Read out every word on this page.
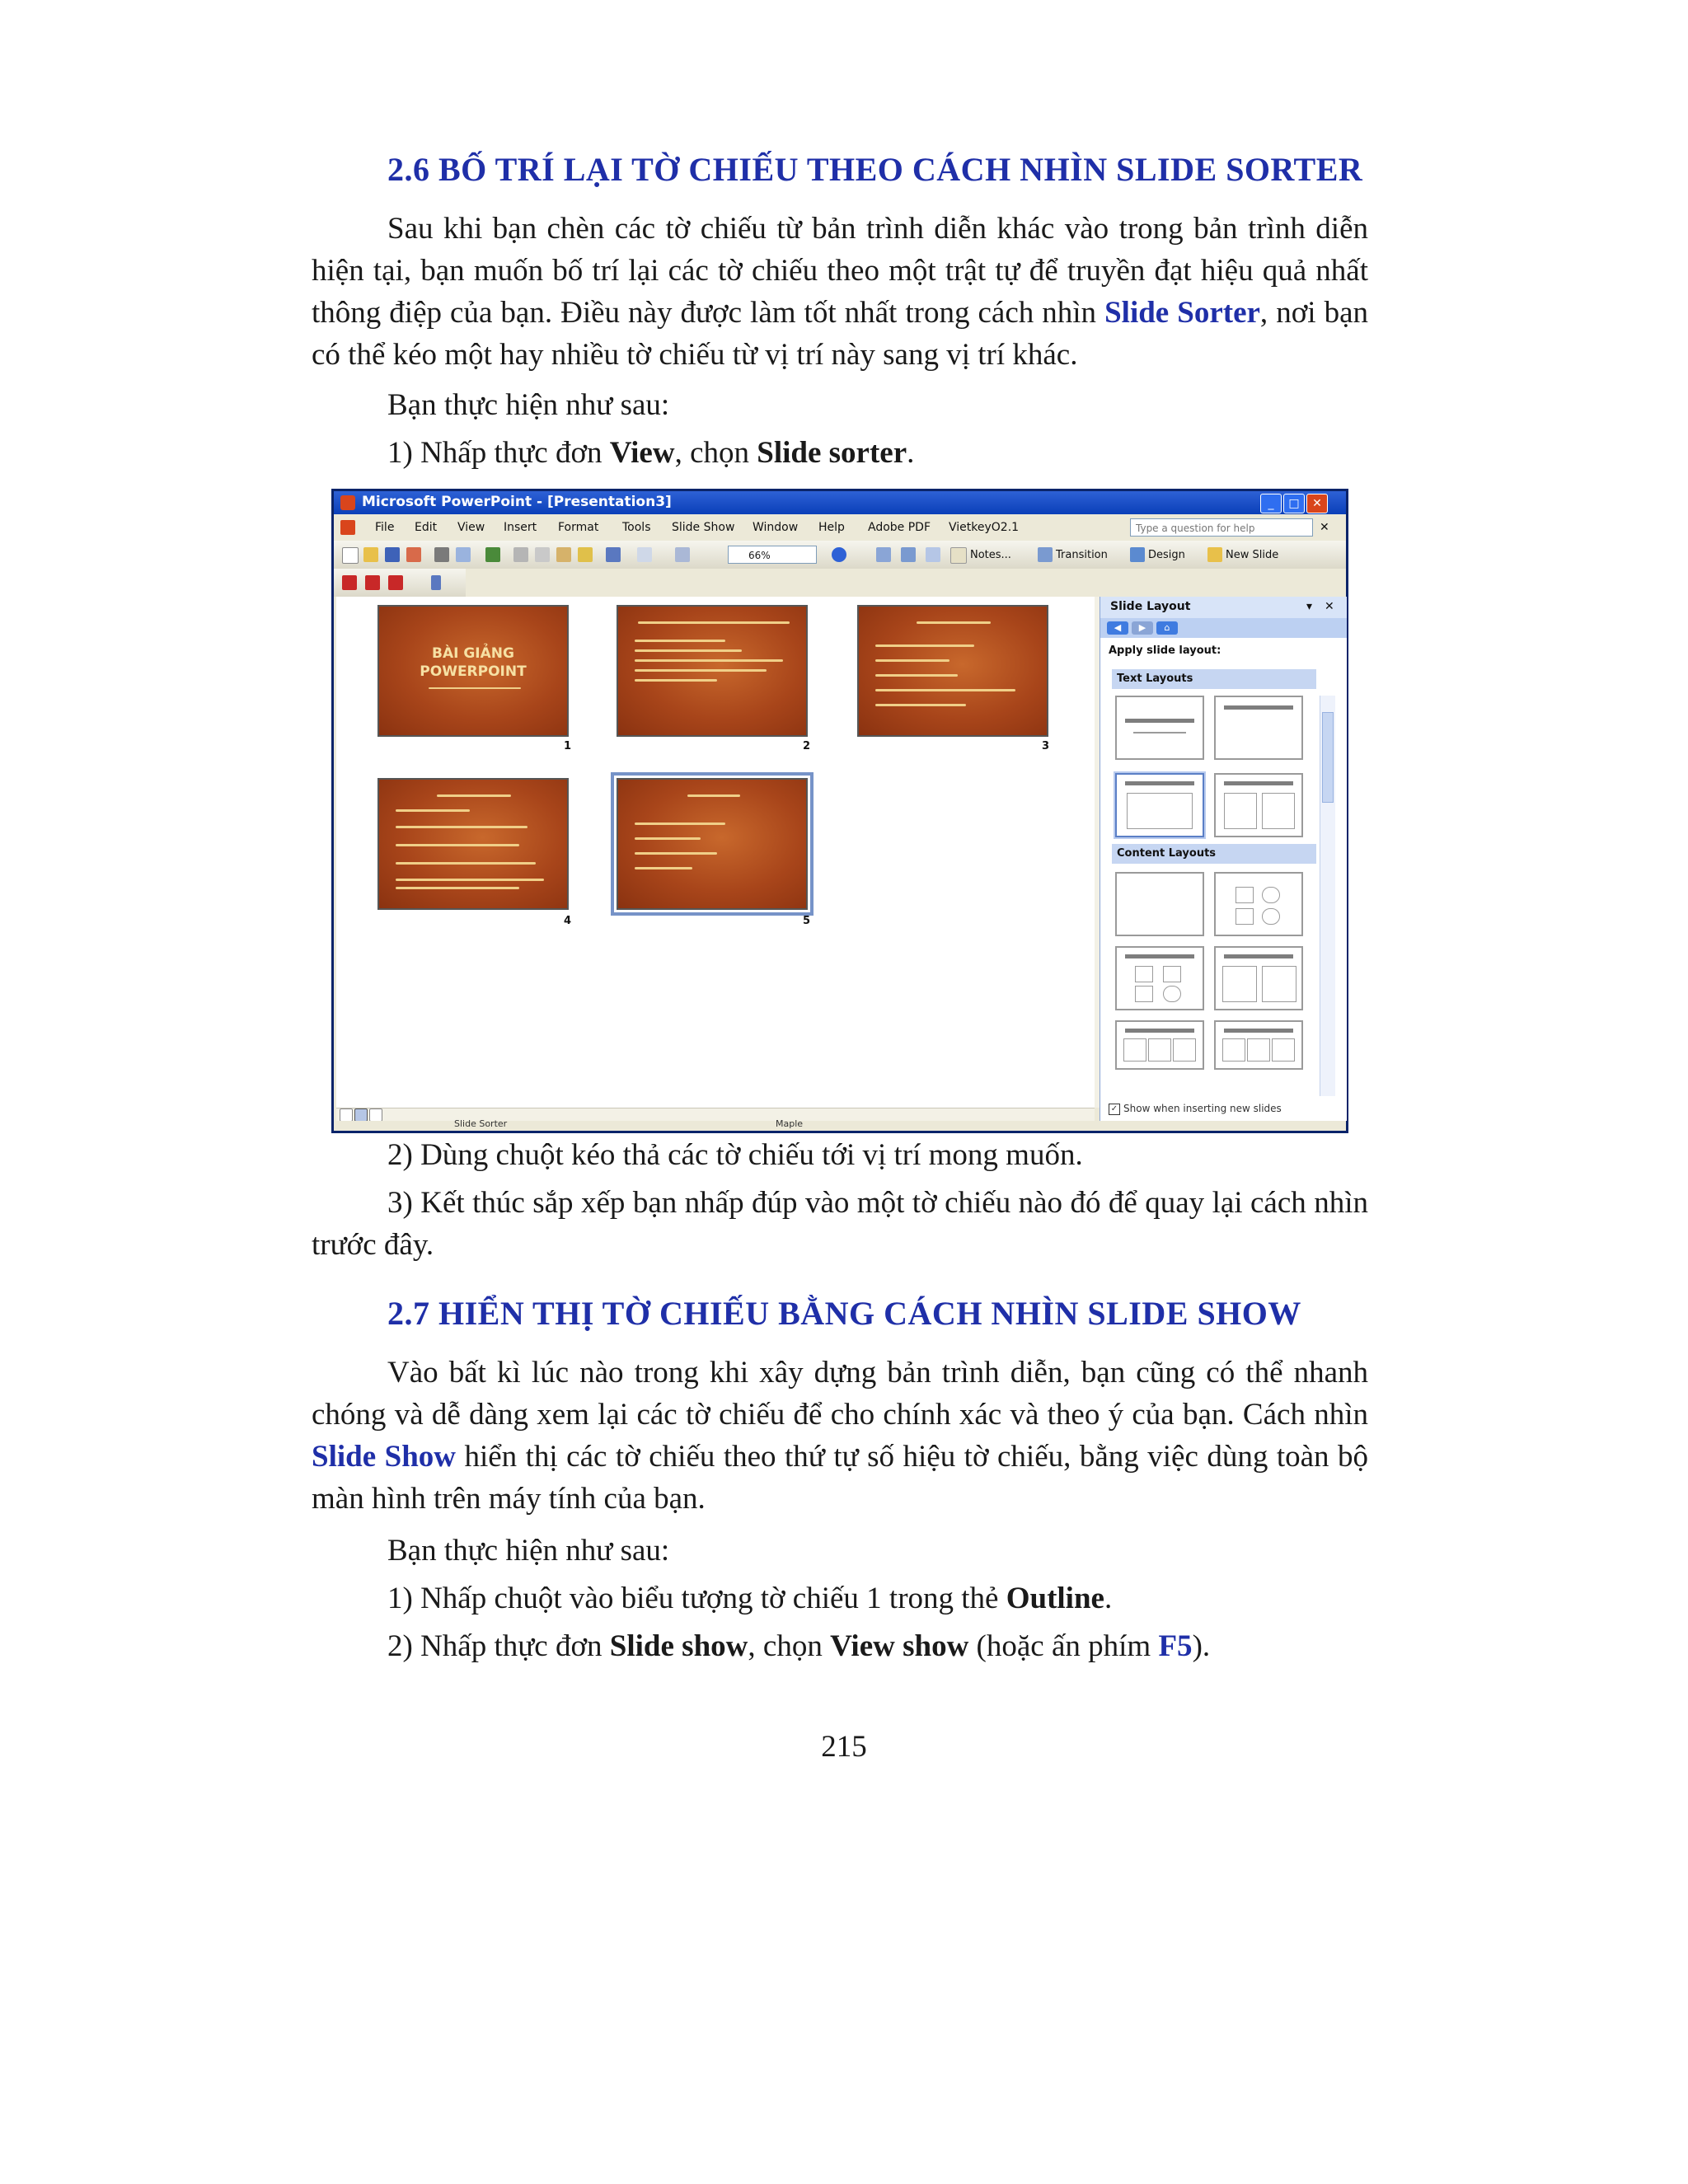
2.6 BỐ TRÍ LẠI TỜ CHIẾU THEO CÁCH NHÌN SLIDE SORTER
Sau khi bạn chèn các tờ chiếu từ bản trình diễn khác vào trong bản trình diễn hiện tại, bạn muốn bố trí lại các tờ chiếu theo một trật tự để truyền đạt hiệu quả nhất thông điệp của bạn. Điều này được làm tốt nhất trong cách nhìn Slide Sorter, nơi bạn có thể kéo một hay nhiều tờ chiếu từ vị trí này sang vị trí khác.
Bạn thực hiện như sau:
1) Nhấp thực đơn View, chọn Slide sorter.
Microsoft PowerPoint - [Presentation3]	_	□	✕
File Edit View Insert Format Tools Slide Show Window Help Adobe PDF VietkeyO2.1	Type a question for help	✕
66%	Notes...	Transition	Design	New Slide
BÀI GIẢNG
POWERPOINT
1	2	3
4	5
Slide Layout	▾ ✕
◀	▶	⌂
Apply slide layout:
Text Layouts
Content Layouts
✓ Show when inserting new slides
Slide Sorter	Maple
2) Dùng chuột kéo thả các tờ chiếu tới vị trí mong muốn.
3) Kết thúc sắp xếp bạn nhấp đúp vào một tờ chiếu nào đó để quay lại cách nhìn trước đây.
2.7 HIỂN THỊ TỜ CHIẾU BẰNG CÁCH NHÌN SLIDE SHOW
Vào bất kì lúc nào trong khi xây dựng bản trình diễn, bạn cũng có thể nhanh chóng và dễ dàng xem lại các tờ chiếu để cho chính xác và theo ý của bạn. Cách nhìn Slide Show hiển thị các tờ chiếu theo thứ tự số hiệu tờ chiếu, bằng việc dùng toàn bộ màn hình trên máy tính của bạn.
Bạn thực hiện như sau:
1) Nhấp chuột vào biểu tượng tờ chiếu 1 trong thẻ Outline.
2) Nhấp thực đơn Slide show, chọn View show (hoặc ấn phím F5).
215
